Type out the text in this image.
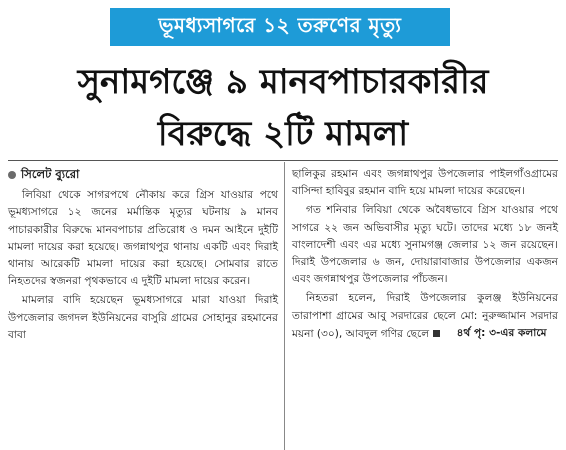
ভূমধ্যসাগরে ১২ তরুণের মৃত্যু
সুনামগঞ্জে ৯ মানবপাচারকারীর
বিরুদ্ধে ২টি মামলা
সিলেট ব্যুরো

লিবিয়া থেকে সাগরপথে নৌকায় করে গ্রিস যাওয়ার পথে ভূমধ্যসাগরে ১২ জনের মর্মান্তিক মৃত্যুর ঘটনায় ৯ মানব পাচারকারীর বিরুদ্ধে মানবপাচার প্রতিরোধ ও দমন আইনে দুইটি মামলা দায়ের করা হয়েছে। জগন্নাথপুর থানায় একটি এবং দিরাই থানায় আরেকটি মামলা দায়ের করা হয়েছে। সোমবার রাতে নিহতদের স্বজনরা পৃথকভাবে এ দুইটি মামলা দায়ের করেন।

মামলার বাদি হয়েছেন ভূমধ্যসাগরে মারা যাওয়া দিরাই উপজেলার জগদল ইউনিয়নের বাসুরি গ্রামের সোহানুর রহমানের বাবা

ছালিকুর রহমান এবং জগন্নাথপুর উপজেলার পাইলগাঁওগ্রামের বাসিন্দা হাবিবুর রহমান বাদি হয়ে মামলা দায়ের করেছেন।

গত শনিবার লিবিয়া থেকে অবৈধভাবে গ্রিস যাওয়ার পথে সাগরে ২২ জন অভিবাসীর মৃত্যু ঘটে। তাদের মধ্যে ১৮ জনই বাংলাদেশী এবং এর মধ্যে সুনামগঞ্জ জেলার ১২ জন রয়েছেন। দিরাই উপজেলার ৬ জন, দোয়ারাবাজার উপজেলার একজন এবং জগন্নাথপুর উপজেলার পাঁচজন।

নিহতরা হলেন, দিরাই উপজেলার কুলঞ্জ ইউনিয়নের তারাপাশা গ্রামের আবু সরদারের ছেলে মো: নুরুজ্জামান সরদার ময়না (৩০), আবদুল গণির ছেলে	৪র্থ পৃ: ৩-এর কলামে
